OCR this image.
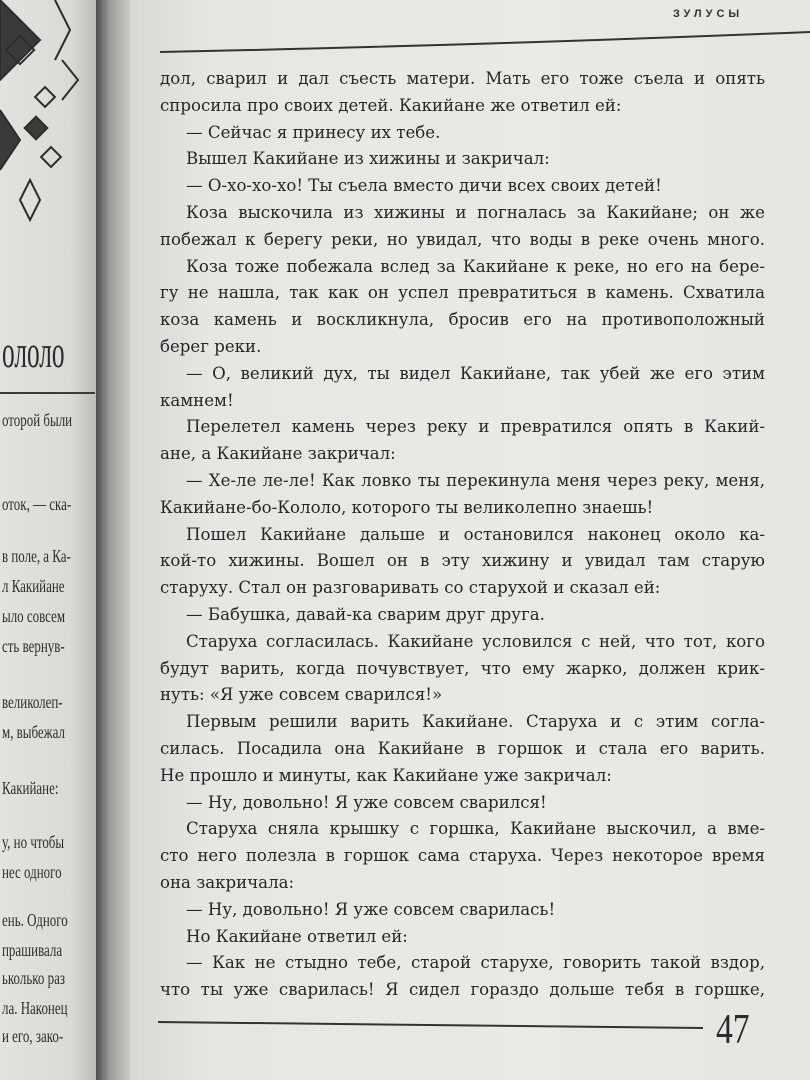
ололо
оторой были
оток, — ска-
в поле, а Ка-
л Какийане
ыло совсем
сть вернув-
великолеп-
м, выбежал
Какийане:
у, но чтобы
нес одного
ень. Одного
прашивала
ьколько раз
ла. Наконец
и его, зако-
ЗУЛУСЫ
дол, сварил и дал съесть матери. Мать его тоже съела и опять
спросила про своих детей. Какийане же ответил ей:
— Сейчас я принесу их тебе.
Вышел Какийане из хижины и закричал:
— О-хо-хо-хо! Ты съела вместо дичи всех своих детей!
Коза выскочила из хижины и погналась за Какийане; он же
побежал к берегу реки, но увидал, что воды в реке очень много.
Коза тоже побежала вслед за Какийане к реке, но его на бере-
гу не нашла, так как он успел превратиться в камень. Схватила
коза камень и воскликнула, бросив его на противоположный
берег реки.
— О, великий дух, ты видел Какийане, так убей же его этим
камнем!
Перелетел камень через реку и превратился опять в Какий-
ане, а Какийане закричал:
— Хе-ле ле-ле! Как ловко ты перекинула меня через реку, меня,
Какийане-бо-Кололо, которого ты великолепно знаешь!
Пошел Какийане дальше и остановился наконец около ка-
кой-то хижины. Вошел он в эту хижину и увидал там старую
старуху. Стал он разговаривать со старухой и сказал ей:
— Бабушка, давай-ка сварим друг друга.
Старуха согласилась. Какийане условился с ней, что тот, кого
будут варить, когда почувствует, что ему жарко, должен крик-
нуть: «Я уже совсем сварился!»
Первым решили варить Какийане. Старуха и с этим согла-
силась. Посадила она Какийане в горшок и стала его варить.
Не прошло и минуты, как Какийане уже закричал:
— Ну, довольно! Я уже совсем сварился!
Старуха сняла крышку с горшка, Какийане выскочил, а вме-
сто него полезла в горшок сама старуха. Через некоторое время
она закричала:
— Ну, довольно! Я уже совсем сварилась!
Но Какийане ответил ей:
— Как не стыдно тебе, старой старухе, говорить такой вздор,
что ты уже сварилась! Я сидел гораздо дольше тебя в горшке,
47
